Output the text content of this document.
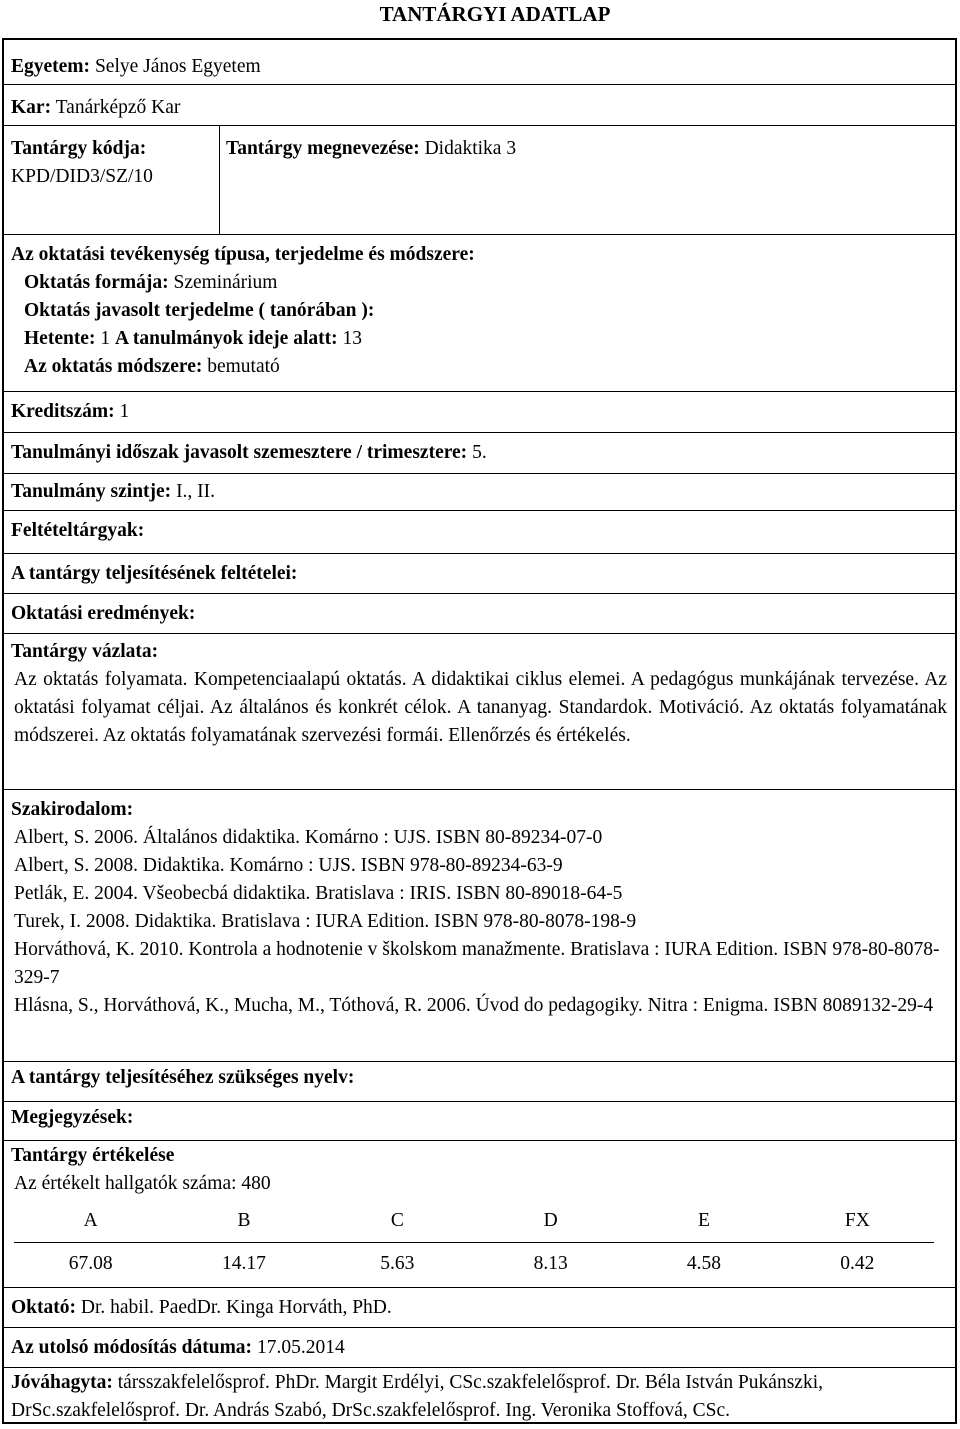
TANTÁRGYI ADATLAP
Egyetem: Selye János Egyetem
Kar: Tanárképző Kar
Tantárgy kódja:
KPD/DID3/SZ/10
Tantárgy megnevezése: Didaktika 3
Az oktatási tevékenység típusa, terjedelme és módszere:
Oktatás formája: Szeminárium
Oktatás javasolt terjedelme ( tanórában ):
Hetente: 1 A tanulmányok ideje alatt: 13
Az oktatás módszere: bemutató
Kreditszám: 1
Tanulmányi időszak javasolt szemesztere / trimesztere: 5.
Tanulmány szintje: I., II.
Feltételtárgyak:
A tantárgy teljesítésének feltételei:
Oktatási eredmények:
Tantárgy vázlata:
Az oktatás folyamata. Kompetenciaalapú oktatás. A didaktikai ciklus elemei. A pedagógus munkájának tervezése. Az oktatási folyamat céljai. Az általános és konkrét célok. A tananyag. Standardok. Motiváció. Az oktatás folyamatának módszerei. Az oktatás folyamatának szervezési formái. Ellenőrzés és értékelés.
Szakirodalom:
Albert, S. 2006. Általános didaktika. Komárno : UJS. ISBN 80-89234-07-0
Albert, S. 2008. Didaktika. Komárno : UJS. ISBN 978-80-89234-63-9
Petlák, E. 2004. Všeobecbá didaktika. Bratislava : IRIS. ISBN 80-89018-64-5
Turek, I. 2008. Didaktika. Bratislava : IURA Edition. ISBN 978-80-8078-198-9
Horváthová, K. 2010. Kontrola a hodnotenie v školskom manažmente. Bratislava : IURA Edition. ISBN 978-80-8078-329-7
Hlásna, S., Horváthová, K., Mucha, M., Tóthová, R. 2006. Úvod do pedagogiky. Nitra : Enigma. ISBN 8089132-29-4
A tantárgy teljesítéséhez szükséges nyelv:
Megjegyzések:
Tantárgy értékelése
Az értékelt hallgatók száma: 480
A	B	C	D	E	FX
67.08	14.17	5.63	8.13	4.58	0.42
Oktató: Dr. habil. PaedDr. Kinga Horváth, PhD.
Az utolsó módosítás dátuma: 17.05.2014
Jóváhagyta: társszakfelelősprof. PhDr. Margit Erdélyi, CSc.szakfelelősprof. Dr. Béla István Pukánszki, DrSc.szakfelelősprof. Dr. András Szabó, DrSc.szakfelelősprof. Ing. Veronika Stoffová, CSc.
